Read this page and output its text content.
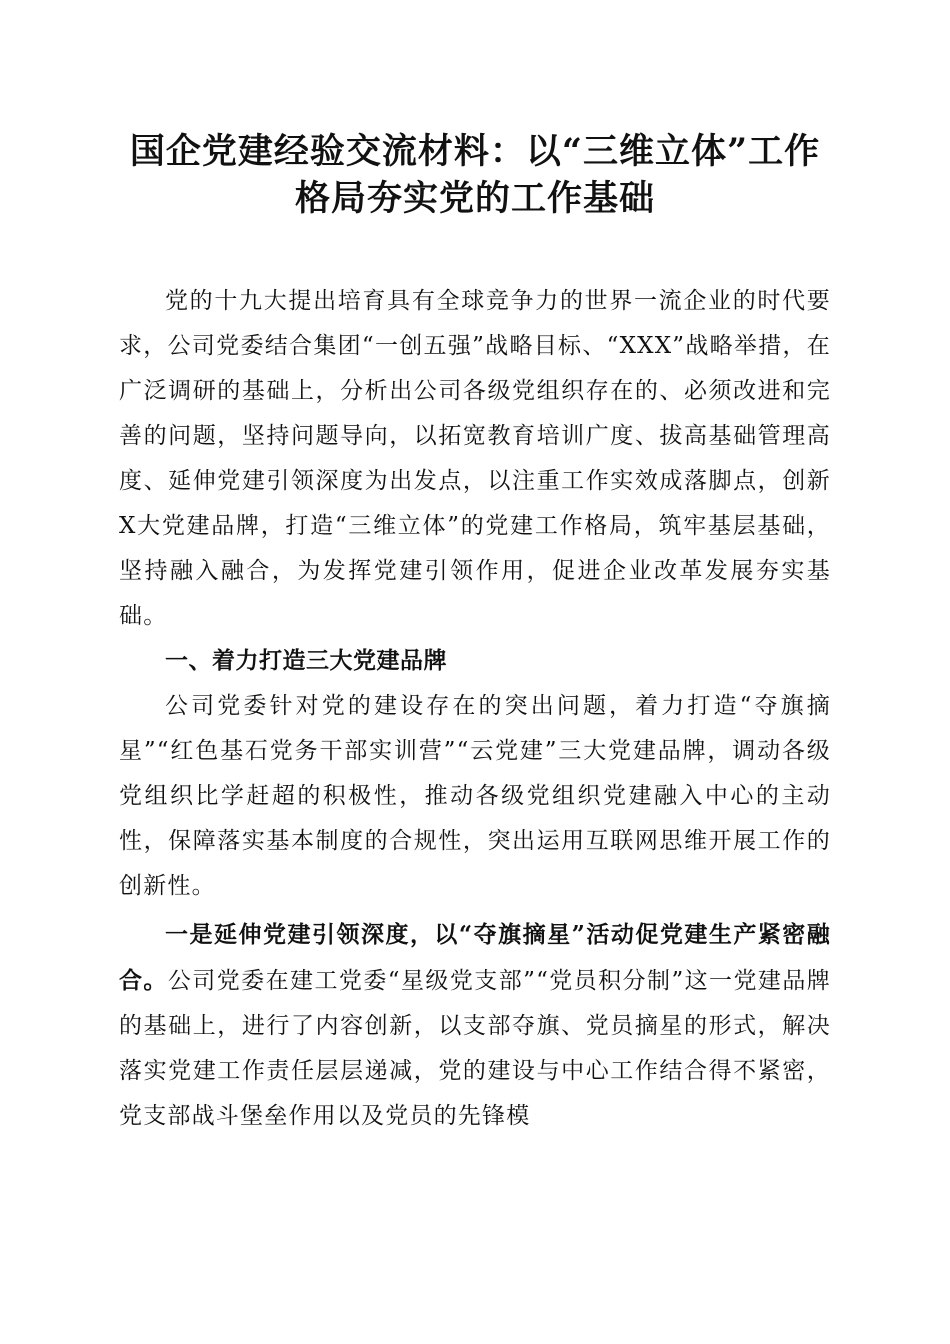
国企党建经验交流材料：以“三维立体”工作
格局夯实党的工作基础

党的十九大提出培育具有全球竞争力的世界一流企业的时代要求，公司党委结合集团“一创五强”战略目标、“XXX”战略举措，在广泛调研的基础上，分析出公司各级党组织存在的、必须改进和完善的问题，坚持问题导向，以拓宽教育培训广度、拔高基础管理高度、延伸党建引领深度为出发点，以注重工作实效成落脚点，创新X大党建品牌，打造“三维立体”的党建工作格局，筑牢基层基础，坚持融入融合，为发挥党建引领作用，促进企业改革发展夯实基础。

一、着力打造三大党建品牌

公司党委针对党的建设存在的突出问题，着力打造“夺旗摘星”“红色基石党务干部实训营”“云党建”三大党建品牌，调动各级党组织比学赶超的积极性，推动各级党组织党建融入中心的主动性，保障落实基本制度的合规性，突出运用互联网思维开展工作的创新性。

一是延伸党建引领深度，以“夺旗摘星”活动促党建生产紧密融合。公司党委在建工党委“星级党支部”“党员积分制”这一党建品牌的基础上，进行了内容创新，以支部夺旗、党员摘星的形式，解决落实党建工作责任层层递减，党的建设与中心工作结合得不紧密，党支部战斗堡垒作用以及党员的先锋模
